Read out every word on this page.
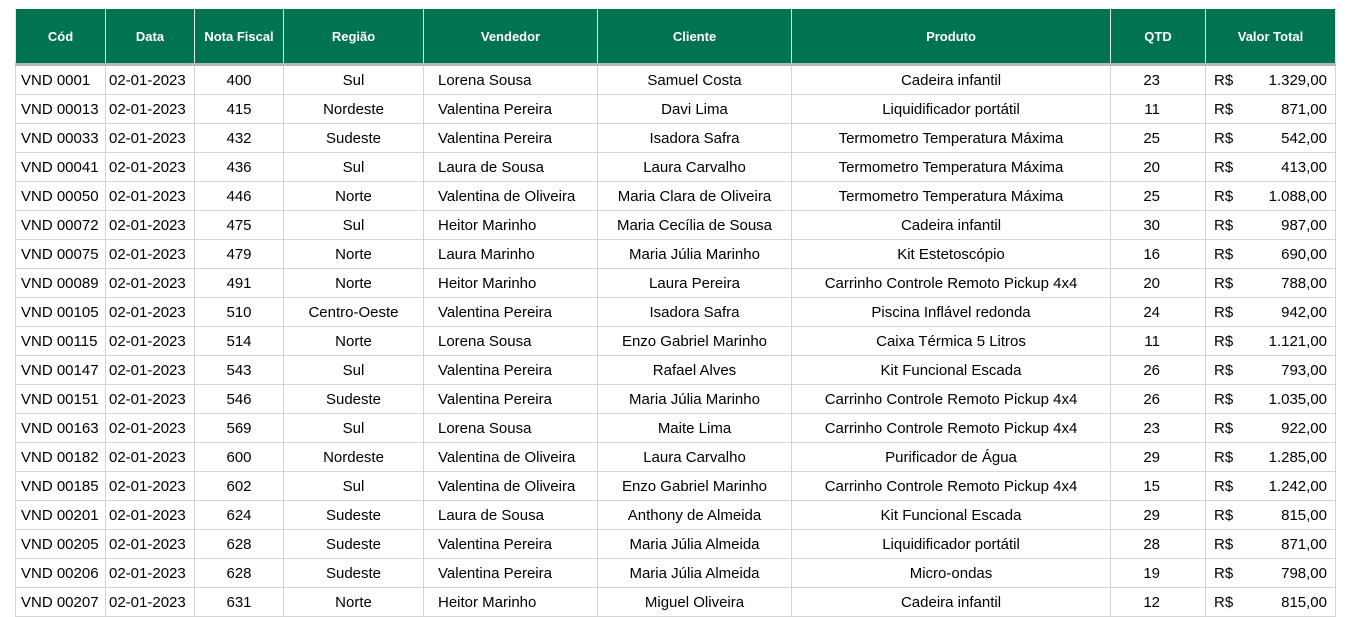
Cód	Data	Nota Fiscal	Região	Vendedor	Cliente	Produto	QTD	Valor Total
VND 0001	02-01-2023	400	Sul	Lorena Sousa	Samuel Costa	Cadeira infantil	23	R$ 1.329,00

VND 00013	02-01-2023	415	Nordeste	Valentina Pereira	Davi Lima	Liquidificador portátil	11	R$ 871,00

VND 00033	02-01-2023	432	Sudeste	Valentina Pereira	Isadora Safra	Termometro Temperatura Máxima	25	R$ 542,00

VND 00041	02-01-2023	436	Sul	Laura de Sousa	Laura Carvalho	Termometro Temperatura Máxima	20	R$ 413,00

VND 00050	02-01-2023	446	Norte	Valentina de Oliveira	Maria Clara de Oliveira	Termometro Temperatura Máxima	25	R$ 1.088,00

VND 00072	02-01-2023	475	Sul	Heitor Marinho	Maria Cecília de Sousa	Cadeira infantil	30	R$ 987,00

VND 00075	02-01-2023	479	Norte	Laura Marinho	Maria Júlia Marinho	Kit Estetoscópio	16	R$ 690,00

VND 00089	02-01-2023	491	Norte	Heitor Marinho	Laura Pereira	Carrinho Controle Remoto Pickup 4x4	20	R$ 788,00

VND 00105	02-01-2023	510	Centro-Oeste	Valentina Pereira	Isadora Safra	Piscina Inflável redonda	24	R$ 942,00

VND 00115	02-01-2023	514	Norte	Lorena Sousa	Enzo Gabriel Marinho	Caixa Térmica 5 Litros	11	R$ 1.121,00

VND 00147	02-01-2023	543	Sul	Valentina Pereira	Rafael Alves	Kit Funcional Escada	26	R$ 793,00

VND 00151	02-01-2023	546	Sudeste	Valentina Pereira	Maria Júlia Marinho	Carrinho Controle Remoto Pickup 4x4	26	R$ 1.035,00

VND 00163	02-01-2023	569	Sul	Lorena Sousa	Maite Lima	Carrinho Controle Remoto Pickup 4x4	23	R$ 922,00

VND 00182	02-01-2023	600	Nordeste	Valentina de Oliveira	Laura Carvalho	Purificador de Água	29	R$ 1.285,00

VND 00185	02-01-2023	602	Sul	Valentina de Oliveira	Enzo Gabriel Marinho	Carrinho Controle Remoto Pickup 4x4	15	R$ 1.242,00

VND 00201	02-01-2023	624	Sudeste	Laura de Sousa	Anthony de Almeida	Kit Funcional Escada	29	R$ 815,00

VND 00205	02-01-2023	628	Sudeste	Valentina Pereira	Maria Júlia Almeida	Liquidificador portátil	28	R$ 871,00

VND 00206	02-01-2023	628	Sudeste	Valentina Pereira	Maria Júlia Almeida	Micro-ondas	19	R$ 798,00

VND 00207	02-01-2023	631	Norte	Heitor Marinho	Miguel Oliveira	Cadeira infantil	12	R$ 815,00
